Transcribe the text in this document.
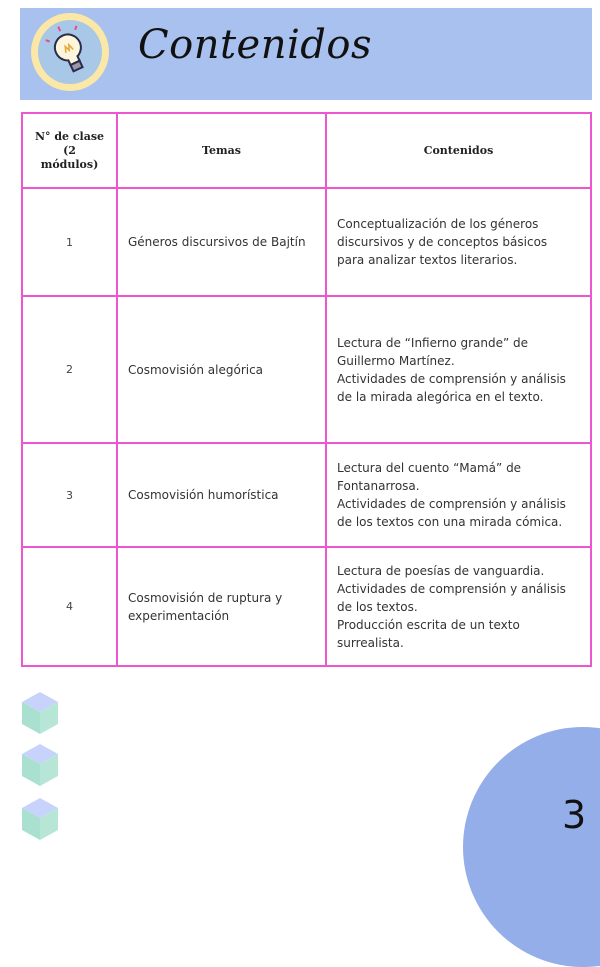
Contenidos
N° de clase
(2
módulos)	Temas	Contenidos
1	Géneros discursivos de Bajtín	Conceptualización de los géneros
discursivos y de conceptos básicos
para analizar textos literarios.

2	Cosmovisión alegórica	Lectura de “Infierno grande” de
Guillermo Martínez.
Actividades de comprensión y análisis
de la mirada alegórica en el texto.

3	Cosmovisión humorística	Lectura del cuento “Mamá” de
Fontanarrosa.
Actividades de comprensión y análisis
de los textos con una mirada cómica.

4	Cosmovisión de ruptura y
experimentación	Lectura de poesías de vanguardia.
Actividades de comprensión y análisis
de los textos.
Producción escrita de un texto
surrealista.
3
